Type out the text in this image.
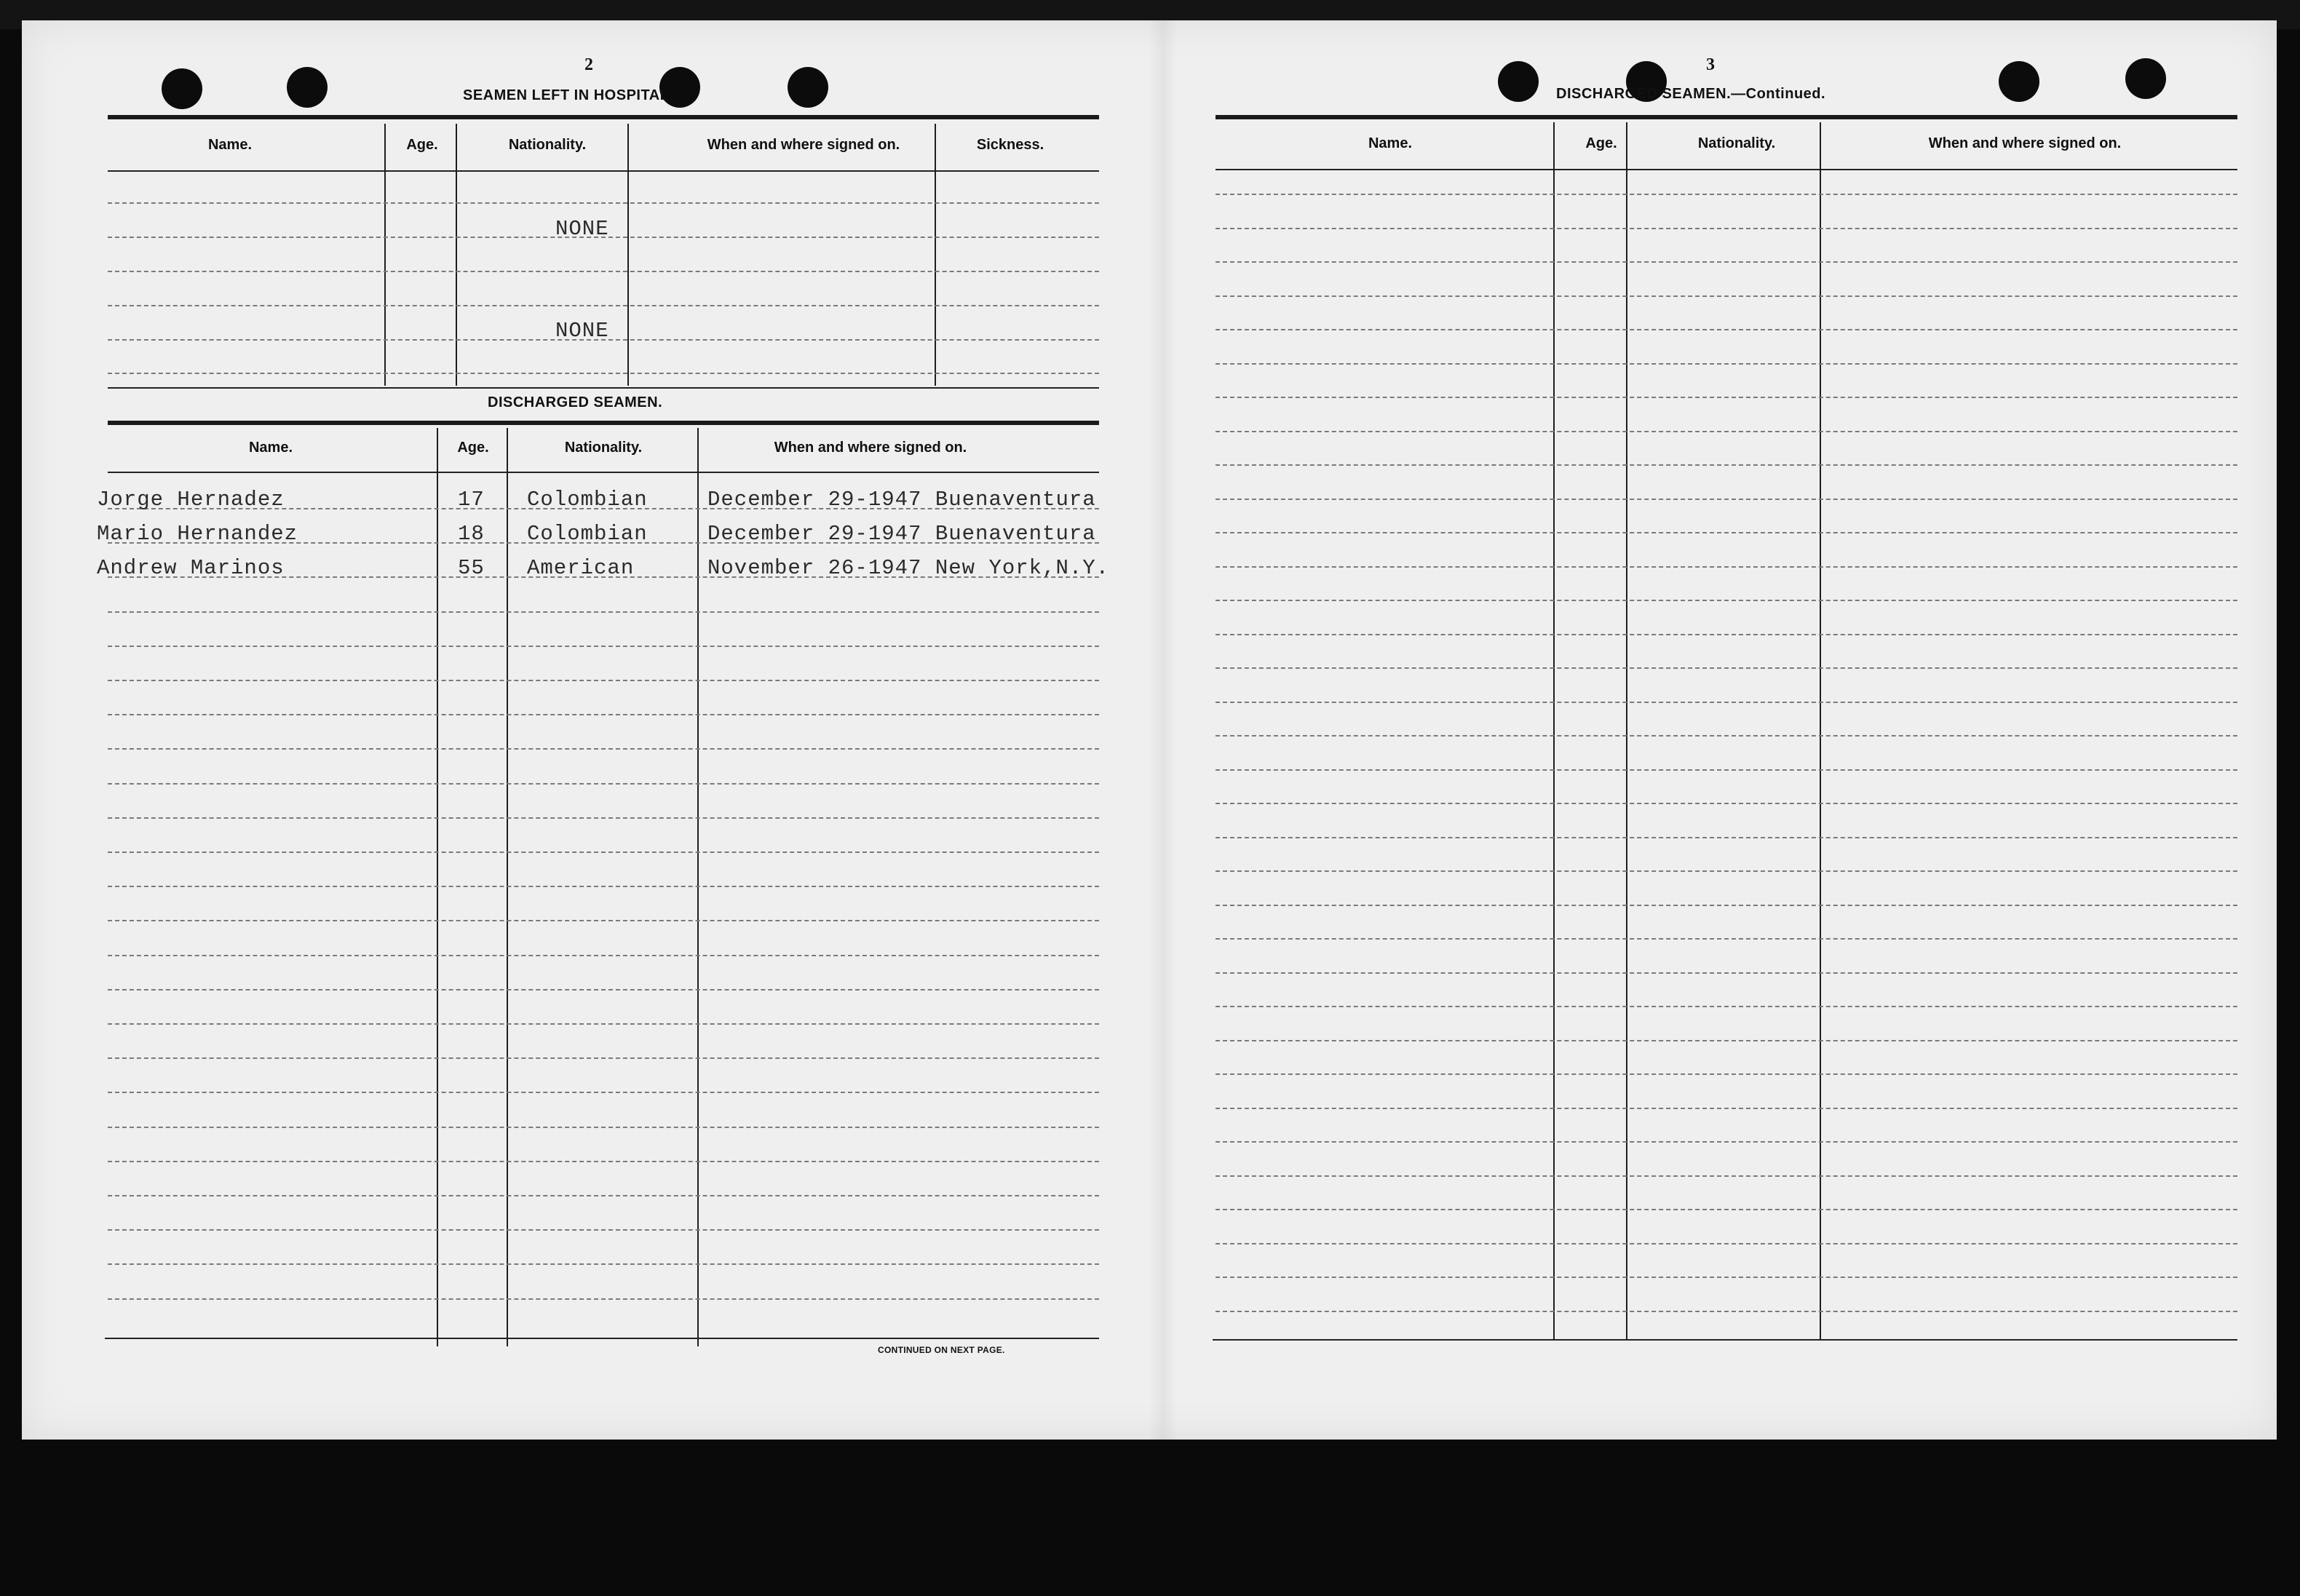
2
SEAMEN LEFT IN HOSPITAL.
Name.	Age.	Nationality.	When and where signed on.	Sickness.
NONE
NONE
DISCHARGED SEAMEN.
Name.	Age.	Nationality.	When and where signed on.
Jorge Hernadez	17 Colombian	December 29-1947 Buenaventura
Mario Hernandez	18 Colombian	December 29-1947 Buenaventura
Andrew Marinos	55 American	November 26-1947 New York,N.Y.
CONTINUED ON NEXT PAGE.
3
DISCHARGED SEAMEN.—Continued.
Name.	Age.	Nationality.	When and where signed on.
